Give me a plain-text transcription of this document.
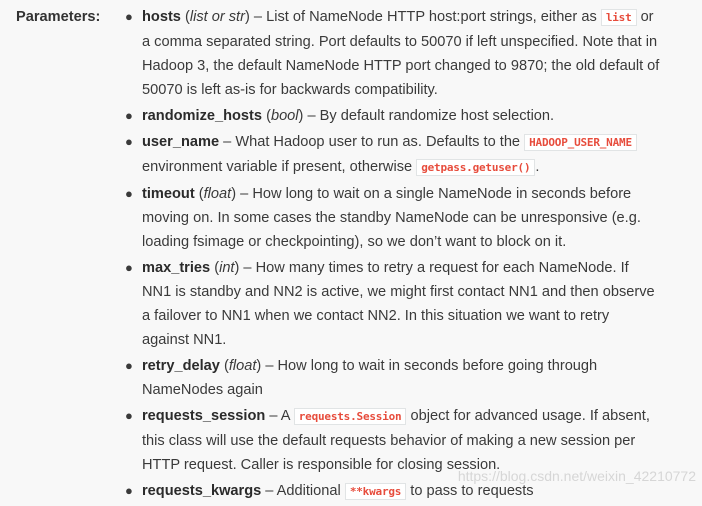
Parameters: ● hosts (list or str) – List of NameNode HTTP host:port strings, either as list or a comma separated string. Port defaults to 50070 if left unspecified. Note that in Hadoop 3, the default NameNode HTTP port changed to 9870; the old default of 50070 is left as-is for backwards compatibility.
● randomize_hosts (bool) – By default randomize host selection.
● user_name – What Hadoop user to run as. Defaults to the HADOOP_USER_NAME environment variable if present, otherwise getpass.getuser() .
● timeout (float) – How long to wait on a single NameNode in seconds before moving on. In some cases the standby NameNode can be unresponsive (e.g. loading fsimage or checkpointing), so we don’t want to block on it.
● max_tries (int) – How many times to retry a request for each NameNode. If NN1 is standby and NN2 is active, we might first contact NN1 and then observe a failover to NN1 when we contact NN2. In this situation we want to retry against NN1.
● retry_delay (float) – How long to wait in seconds before going through NameNodes again
● requests_session – A requests.Session object for advanced usage. If absent, this class will use the default requests behavior of making a new session per HTTP request. Caller is responsible for closing session.
● requests_kwargs – Additional **kwargs to pass to requests
https://blog.csdn.net/weixin_42210772
